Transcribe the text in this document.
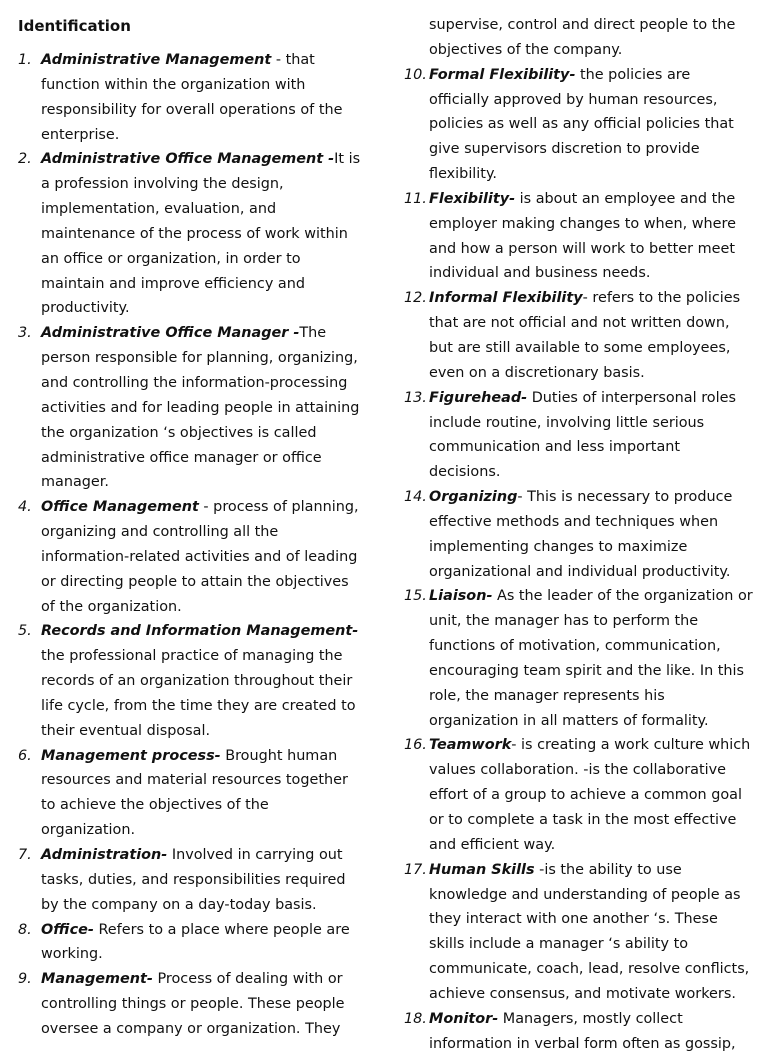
Identification
1. Administrative Management - that function within the organization with responsibility for overall operations of the enterprise.
2. Administrative Office Management -It is a profession involving the design, implementation, evaluation, and maintenance of the process of work within an office or organization, in order to maintain and improve efficiency and productivity.
3. Administrative Office Manager -The person responsible for planning, organizing, and controlling the information-processing activities and for leading people in attaining the organization ‘s objectives is called administrative office manager or office manager.
4. Office Management - process of planning, organizing and controlling all the information-related activities and of leading or directing people to attain the objectives of the organization.
5. Records and Information Management- the professional practice of managing the records of an organization throughout their life cycle, from the time they are created to their eventual disposal.
6. Management process- Brought human resources and material resources together to achieve the objectives of the organization.
7. Administration- Involved in carrying out tasks, duties, and responsibilities required by the company on a day-today basis.
8. Office- Refers to a place where people are working.
9. Management- Process of dealing with or controlling things or people. These people oversee a company or organization. They
supervise, control and direct people to the objectives of the company.
10. Formal Flexibility- the policies are officially approved by human resources, policies as well as any official policies that give supervisors discretion to provide flexibility.
11. Flexibility- is about an employee and the employer making changes to when, where and how a person will work to better meet individual and business needs.
12. Informal Flexibility- refers to the policies that are not official and not written down, but are still available to some employees, even on a discretionary basis.
13. Figurehead- Duties of interpersonal roles include routine, involving little serious communication and less important decisions.
14. Organizing- This is necessary to produce effective methods and techniques when implementing changes to maximize organizational and individual productivity.
15. Liaison- As the leader of the organization or unit, the manager has to perform the functions of motivation, communication, encouraging team spirit and the like. In this role, the manager represents his organization in all matters of formality.
16. Teamwork- is creating a work culture which values collaboration. -is the collaborative effort of a group to achieve a common goal or to complete a task in the most effective and efficient way.
17. Human Skills -is the ability to use knowledge and understanding of people as they interact with one another ‘s. These skills include a manager ‘s ability to communicate, coach, lead, resolve conflicts, achieve consensus, and motivate workers.
18. Monitor- Managers, mostly collect information in verbal form often as gossip,
